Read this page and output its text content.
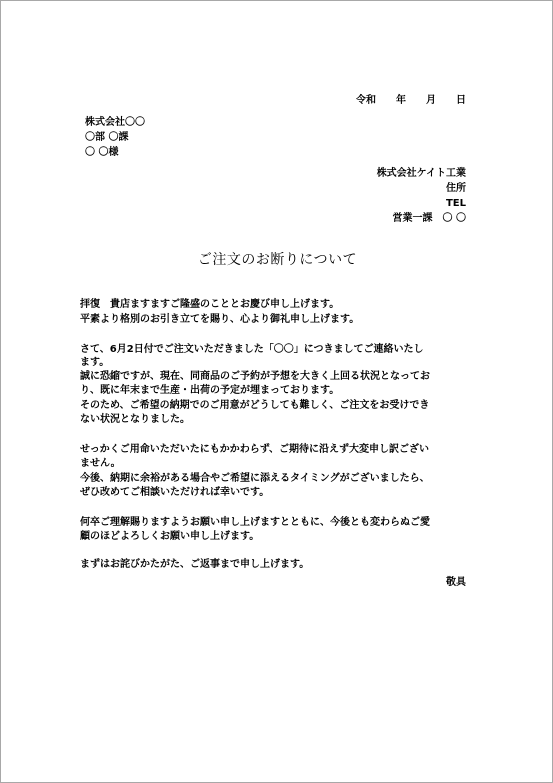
令和　　年　　月　　日
株式会社〇〇
〇部 〇課
〇 〇様
株式会社ケイト工業
住所
TEL
営業一課　〇 〇
ご注文のお断りについて
拝復　貴店ますますご隆盛のこととお慶び申し上げます。
平素より格別のお引き立てを賜り、心より御礼申し上げます。
さて、6月2日付でご注文いただきました「〇〇」につきましてご連絡いたし
ます。
誠に恐縮ですが、現在、同商品のご予約が予想を大きく上回る状況となってお
り、既に年末まで生産・出荷の予定が埋まっております。
そのため、ご希望の納期でのご用意がどうしても難しく、ご注文をお受けでき
ない状況となりました。
せっかくご用命いただいたにもかかわらず、ご期待に沿えず大変申し訳ござい
ません。
今後、納期に余裕がある場合やご希望に添えるタイミングがございましたら、
ぜひ改めてご相談いただければ幸いです。
何卒ご理解賜りますようお願い申し上げますとともに、今後とも変わらぬご愛
顧のほどよろしくお願い申し上げます。
まずはお詫びかたがた、ご返事まで申し上げます。
敬具
